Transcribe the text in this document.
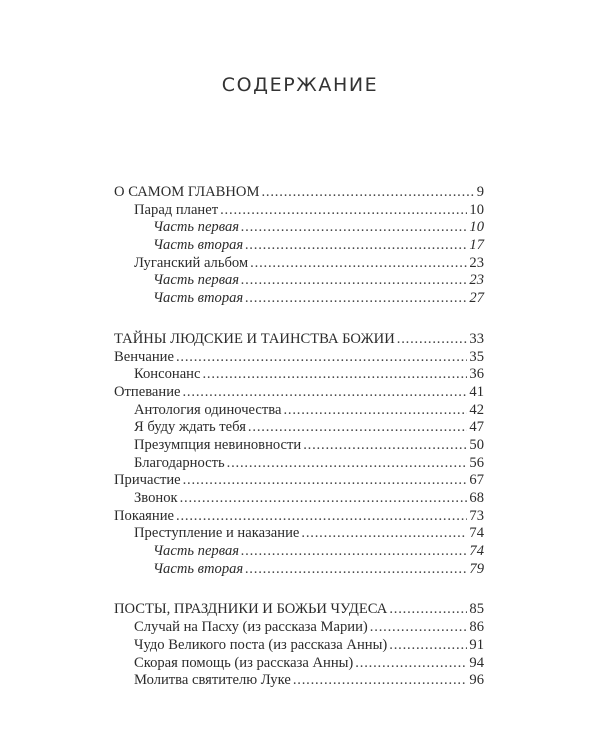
СОДЕРЖАНИЕ
О САМОМ ГЛАВНОМ .....	9
Парад планет .....	10
Часть первая .....	10
Часть вторая .....	17
Луганский альбом .....	23
Часть первая .....	23
Часть вторая .....	27
ТАЙНЫ ЛЮДСКИЕ И ТАИНСТВА БОЖИИ .....	33
Венчание .....	35
Консонанс .....	36
Отпевание .....	41
Антология одиночества .....	42
Я буду ждать тебя .....	47
Презумпция невиновности .....	50
Благодарность .....	56
Причастие .....	67
Звонок .....	68
Покаяние .....	73
Преступление и наказание .....	74
Часть первая .....	74
Часть вторая .....	79
ПОСТЫ, ПРАЗДНИКИ И БОЖЬИ ЧУДЕСА .....	85
Случай на Пасху (из рассказа Марии) .....	86
Чудо Великого поста (из рассказа Анны) .....	91
Скорая помощь (из рассказа Анны) .....	94
Молитва святителю Луке .....	96
